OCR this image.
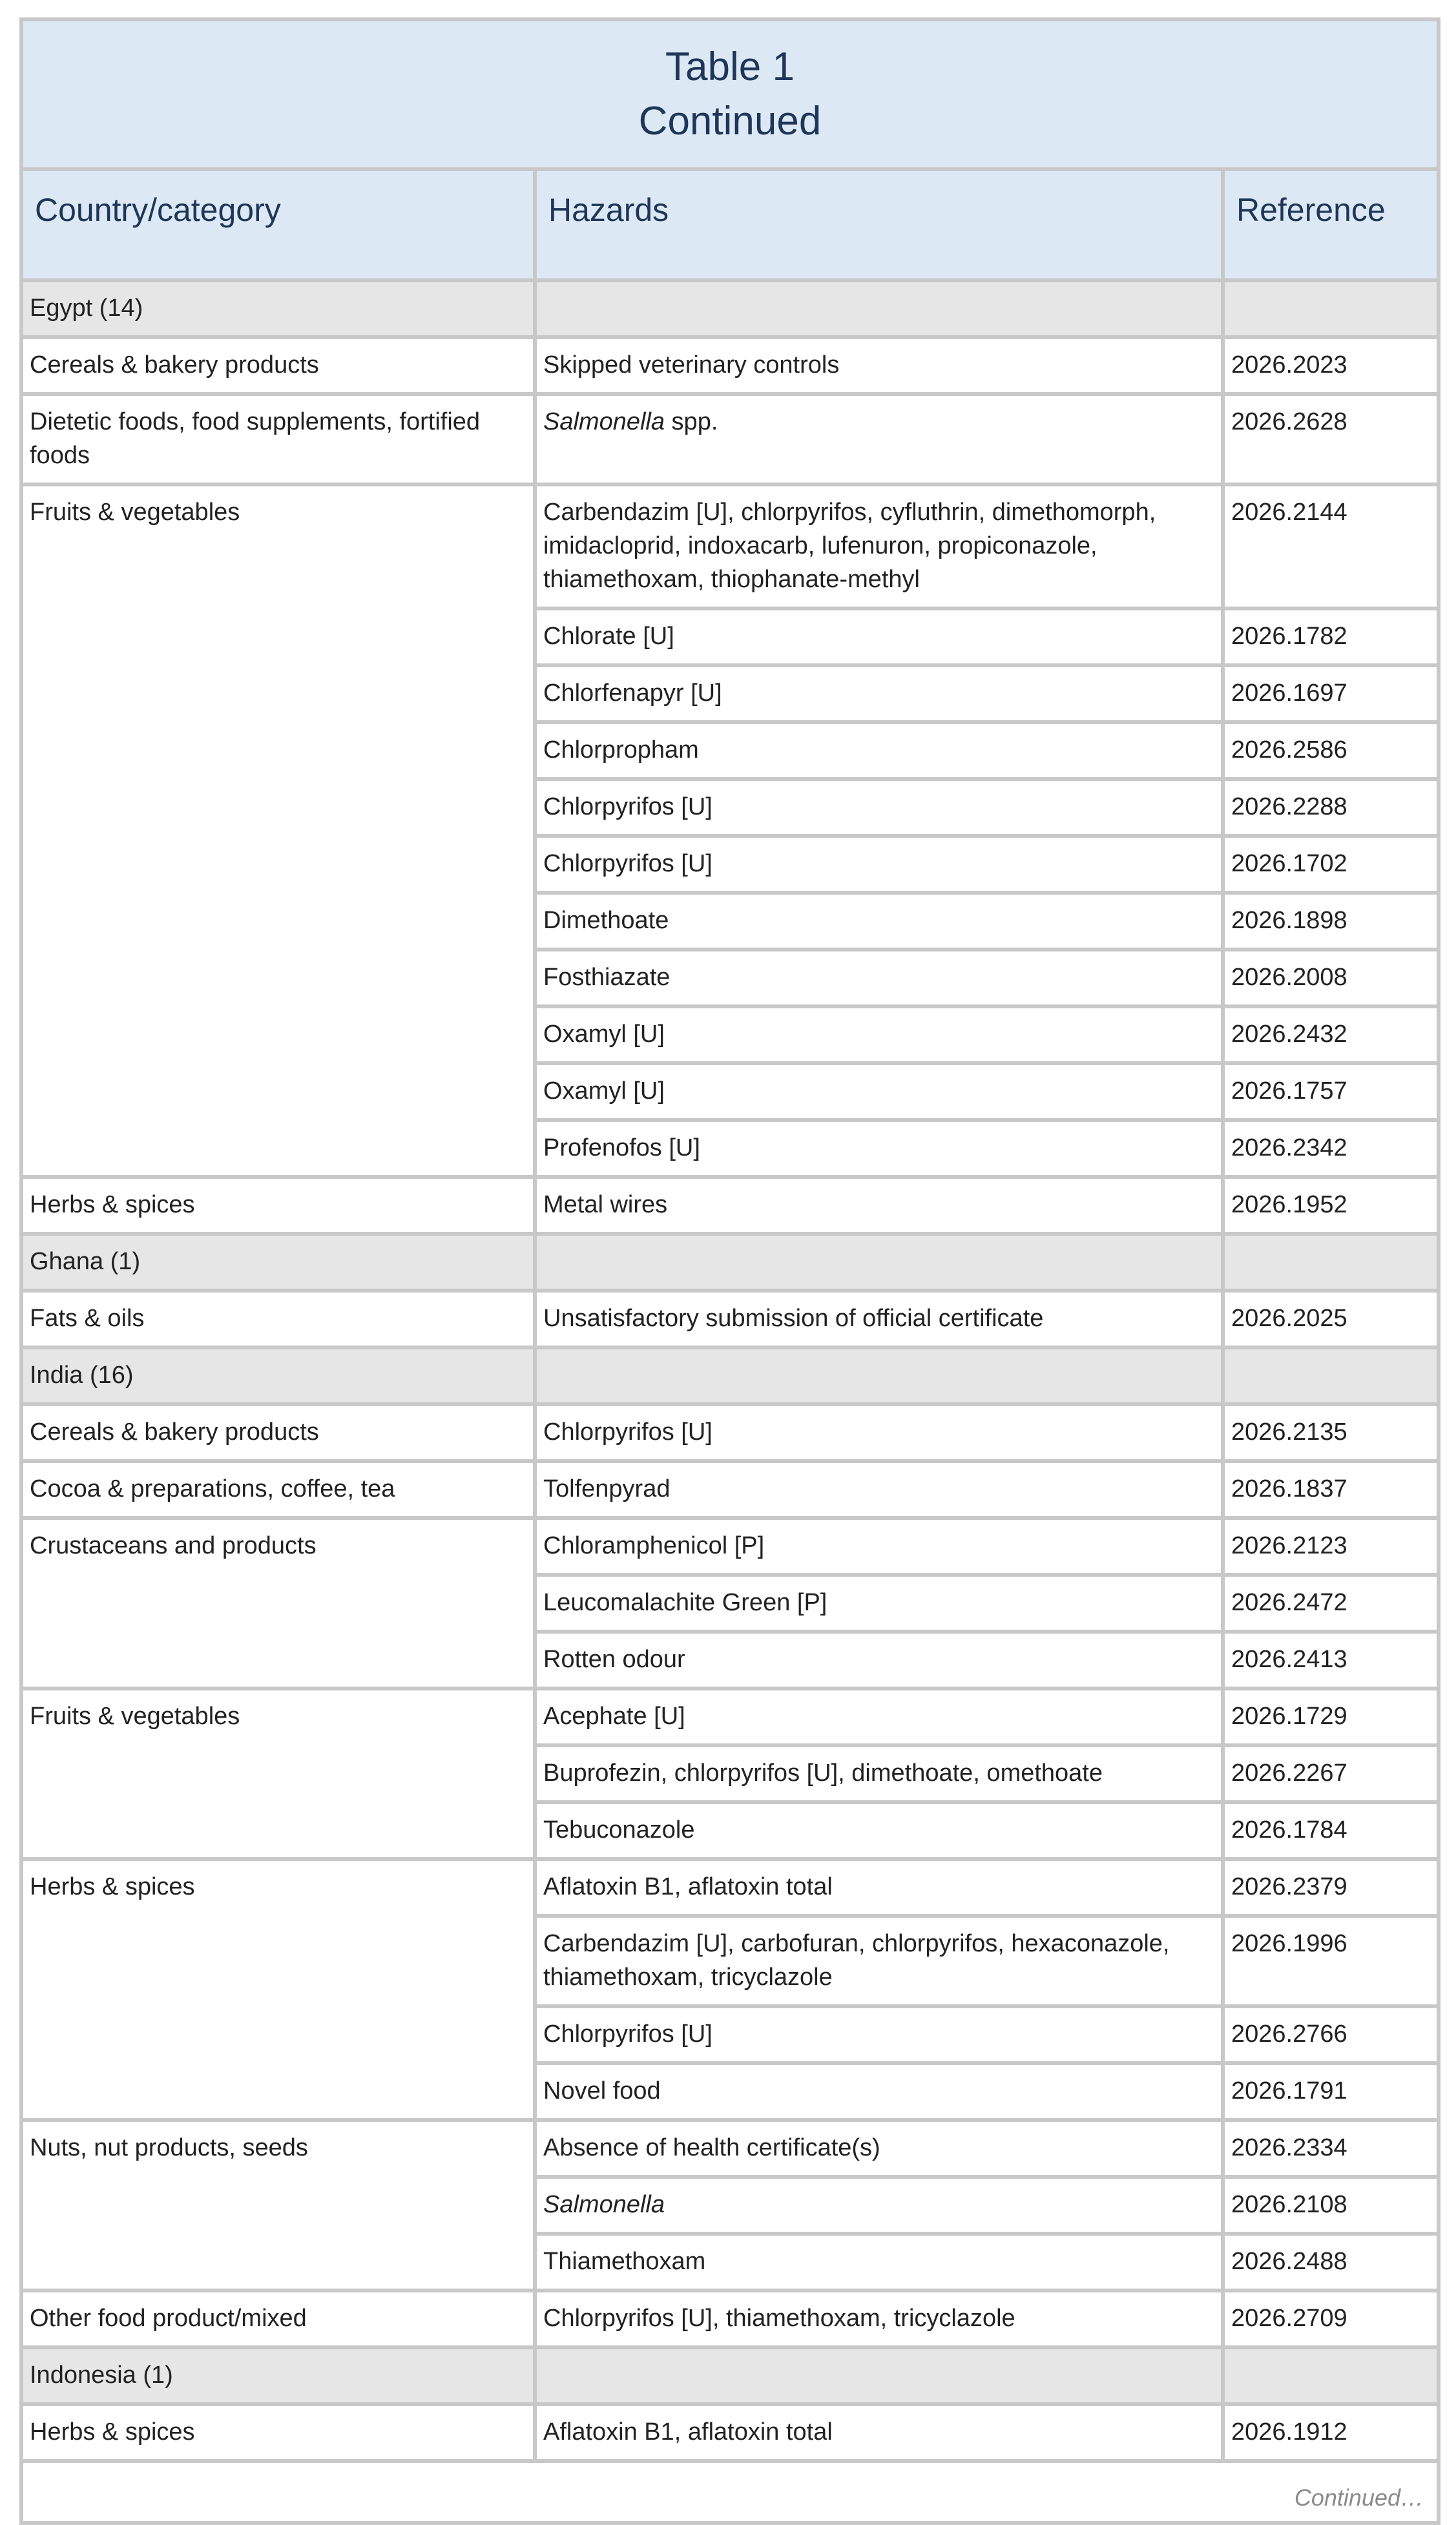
Table 1
Continued		

Country/category	Hazards	Reference
Egypt (14)		
Cereals & bakery products	Skipped veterinary controls	2026.2023
Dietetic foods, food supplements, fortified foods	Salmonella spp.	2026.2628
Fruits & vegetables	Carbendazim [U], chlorpyrifos, cyfluthrin, dimethomorph, imidacloprid, indoxacarb, lufenuron, propiconazole, thiamethoxam, thiophanate-methyl	2026.2144
	Chlorate [U]	2026.1782
	Chlorfenapyr [U]	2026.1697
	Chlorpropham	2026.2586
	Chlorpyrifos [U]	2026.2288
	Chlorpyrifos [U]	2026.1702
	Dimethoate	2026.1898
	Fosthiazate	2026.2008
	Oxamyl [U]	2026.2432
	Oxamyl [U]	2026.1757
	Profenofos [U]	2026.2342
Herbs & spices	Metal wires	2026.1952
Ghana (1)		
Fats & oils	Unsatisfactory submission of official certificate	2026.2025
India (16)		
Cereals & bakery products	Chlorpyrifos [U]	2026.2135
Cocoa & preparations, coffee, tea	Tolfenpyrad	2026.1837
Crustaceans and products	Chloramphenicol [P]	2026.2123
	Leucomalachite Green [P]	2026.2472
	Rotten odour	2026.2413
Fruits & vegetables	Acephate [U]	2026.1729
	Buprofezin, chlorpyrifos [U], dimethoate, omethoate	2026.2267
	Tebuconazole	2026.1784
Herbs & spices	Aflatoxin B1, aflatoxin total	2026.2379
	Carbendazim [U], carbofuran, chlorpyrifos, hexaconazole, thiamethoxam, tricyclazole	2026.1996
	Chlorpyrifos [U]	2026.2766
	Novel food	2026.1791
Nuts, nut products, seeds	Absence of health certificate(s)	2026.2334
	Salmonella	2026.2108
	Thiamethoxam	2026.2488
Other food product/mixed	Chlorpyrifos [U], thiamethoxam, tricyclazole	2026.2709
Indonesia (1)		
Herbs & spices	Aflatoxin B1, aflatoxin total	2026.1912
Continued…		
